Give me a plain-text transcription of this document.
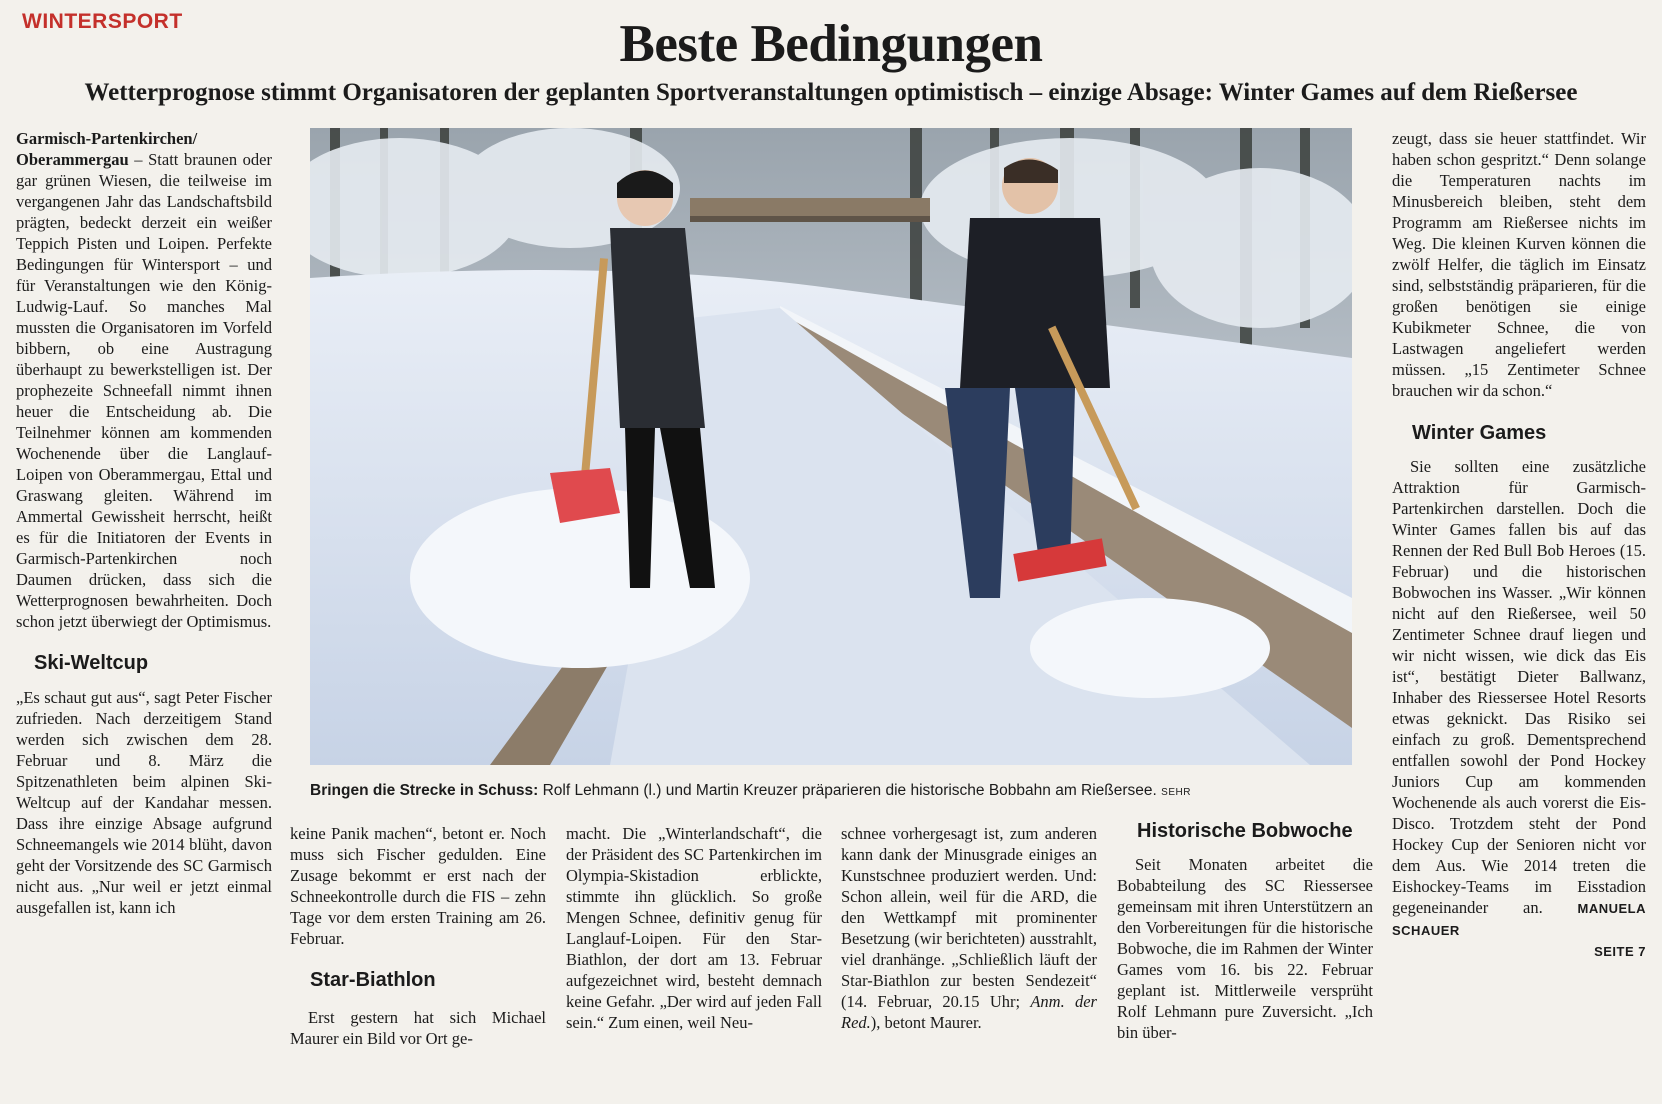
WINTERSPORT	Beste Bedingungen
Wetterprognose stimmt Organisatoren der geplanten Sportveranstaltungen optimistisch – einzige Absage: Winter Games auf dem Rießersee

Garmisch-Partenkirchen/ Oberammergau – Statt braunen oder gar grünen Wiesen, die teilweise im vergangenen Jahr das Landschaftsbild prägten, bedeckt derzeit ein weißer Teppich Pisten und Loipen. Perfekte Bedingungen für Wintersport – und für Veranstaltungen wie den König-Ludwig-Lauf. So manches Mal mussten die Organisatoren im Vorfeld bibbern, ob eine Austragung überhaupt zu bewerkstelligen ist. Der prophezeite Schneefall nimmt ihnen heuer die Entscheidung ab. Die Teilnehmer können am kommenden Wochenende über die Langlauf-Loipen von Oberammergau, Ettal und Graswang gleiten. Während im Ammertal Gewissheit herrscht, heißt es für die Initiatoren der Events in Garmisch-Partenkirchen noch Daumen drücken, dass sich die Wetterprognosen bewahrheiten. Doch schon jetzt überwiegt der Optimismus.

Ski-Weltcup

„Es schaut gut aus“, sagt Peter Fischer zufrieden. Nach derzeitigem Stand werden sich zwischen dem 28. Februar und 8. März die Spitzenathleten beim alpinen Ski-Weltcup auf der Kandahar messen. Dass ihre einzige Absage aufgrund Schneemangels wie 2014 blüht, davon geht der Vorsitzende des SC Garmisch nicht aus. „Nur weil er jetzt einmal ausgefallen ist, kann ich

Bringen die Strecke in Schuss: Rolf Lehmann (l.) und Martin Kreuzer präparieren die historische Bobbahn am Rießersee. SEHR

keine Panik machen“, betont er. Noch muss sich Fischer gedulden. Eine Zusage bekommt er erst nach der Schneekontrolle durch die FIS – zehn Tage vor dem ersten Training am 26. Februar.

Star-Biathlon

Erst gestern hat sich Michael Maurer ein Bild vor Ort ge-

macht. Die „Winterlandschaft“, die der Präsident des SC Partenkirchen im Olympia-Skistadion erblickte, stimmte ihn glücklich. So große Mengen Schnee, definitiv genug für Langlauf-Loipen. Für den Star-Biathlon, der dort am 13. Februar aufgezeichnet wird, besteht demnach keine Gefahr. „Der wird auf jeden Fall sein.“ Zum einen, weil Neu-

schnee vorhergesagt ist, zum anderen kann dank der Minusgrade einiges an Kunstschnee produziert werden. Und: Schon allein, weil für die ARD, die den Wettkampf mit prominenter Besetzung (wir berichteten) ausstrahlt, viel dranhänge. „Schließlich läuft der Star-Biathlon zur besten Sendezeit“ (14. Februar, 20.15 Uhr; Anm. der Red.), betont Maurer.

Historische Bobwoche

Seit Monaten arbeitet die Bobabteilung des SC Riessersee gemeinsam mit ihren Unterstützern an den Vorbereitungen für die historische Bobwoche, die im Rahmen der Winter Games vom 16. bis 22. Februar geplant ist. Mittlerweile versprüht Rolf Lehmann pure Zuversicht. „Ich bin über-

zeugt, dass sie heuer stattfindet. Wir haben schon gespritzt.“ Denn solange die Temperaturen nachts im Minusbereich bleiben, steht dem Programm am Rießersee nichts im Weg. Die kleinen Kurven können die zwölf Helfer, die täglich im Einsatz sind, selbstständig präparieren, für die großen benötigen sie einige Kubikmeter Schnee, die von Lastwagen angeliefert werden müssen. „15 Zentimeter Schnee brauchen wir da schon.“

Winter Games

Sie sollten eine zusätzliche Attraktion für Garmisch-Partenkirchen darstellen. Doch die Winter Games fallen bis auf das Rennen der Red Bull Bob Heroes (15. Februar) und die historischen Bobwochen ins Wasser. „Wir können nicht auf den Rießersee, weil 50 Zentimeter Schnee drauf liegen und wir nicht wissen, wie dick das Eis ist“, bestätigt Dieter Ballwanz, Inhaber des Riessersee Hotel Resorts etwas geknickt. Das Risiko sei einfach zu groß. Dementsprechend entfallen sowohl der Pond Hockey Juniors Cup am kommenden Wochenende als auch vorerst die Eis-Disco. Trotzdem steht der Pond Hockey Cup der Senioren nicht vor dem Aus. Wie 2014 treten die Eishockey-Teams im Eisstadion gegeneinander an.	MANUELA SCHAUER

SEITE 7
